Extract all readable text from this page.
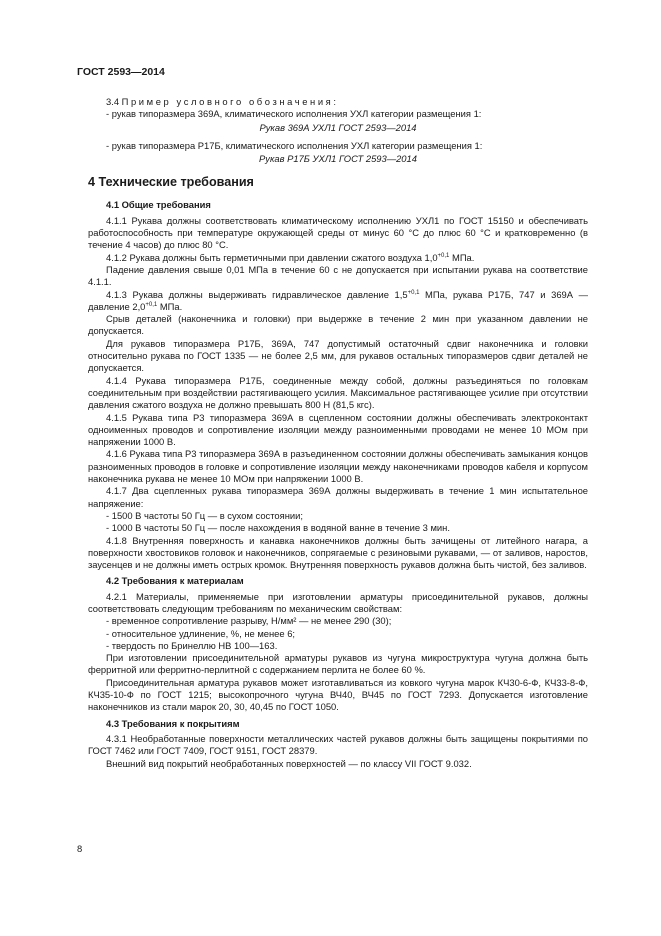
ГОСТ 2593—2014

3.4 Пример условного обозначения:

- рукав типоразмера 369А, климатического исполнения УХЛ категории размещения 1:

Рукав 369А УХЛ1 ГОСТ 2593—2014

- рукав типоразмера Р17Б, климатического исполнения УХЛ категории размещения 1:

Рукав Р17Б УХЛ1 ГОСТ 2593—2014

4 Технические требования
4.1 Общие требования

4.1.1 Рукава должны соответствовать климатическому исполнению УХЛ1 по ГОСТ 15150 и обеспечивать работоспособность при температуре окружающей среды от минус 60 °С до плюс 60 °С и кратковременно (в течение 4 часов) до плюс 80 °С.

4.1.2 Рукава должны быть герметичными при давлении сжатого воздуха $1,0^{+0,1}$ МПа.

Падение давления свыше 0,01 МПа в течение 60 с не допускается при испытании рукава на соответствие 4.1.1.

4.1.3 Рукава должны выдерживать гидравлическое давление $1,5^{+0,1}$ МПа, рукава Р17Б, 747 и 369А — давление $2,0^{+0,1}$ МПа.

Срыв деталей (наконечника и головки) при выдержке в течение 2 мин при указанном давлении не допускается.

Для рукавов типоразмера Р17Б, 369А, 747 допустимый остаточный сдвиг наконечника и головки относительно рукава по ГОСТ 1335 — не более 2,5 мм, для рукавов остальных типоразмеров сдвиг деталей не допускается.

4.1.4 Рукава типоразмера Р17Б, соединенные между собой, должны разъединяться по головкам соединительным при воздействии растягивающего усилия. Максимальное растягивающее усилие при отсутствии давления сжатого воздуха не должно превышать 800 Н (81,5 кгс).

4.1.5 Рукава типа Р3 типоразмера 369А в сцепленном состоянии должны обеспечивать электроконтакт одноименных проводов и сопротивление изоляции между разноименными проводами не менее 10 МОм при напряжении 1000 В.

4.1.6 Рукава типа Р3 типоразмера 369А в разъединенном состоянии должны обеспечивать замыкания концов разноименных проводов в головке и сопротивление изоляции между наконечниками проводов кабеля и корпусом наконечника рукава не менее 10 МОм при напряжении 1000 В.

4.1.7 Два сцепленных рукава типоразмера 369А должны выдерживать в течение 1 мин испытательное напряжение:

- 1500 В частоты 50 Гц — в сухом состоянии;

- 1000 В частоты 50 Гц — после нахождения в водяной ванне в течение 3 мин.

4.1.8 Внутренняя поверхность и канавка наконечников должны быть зачищены от литейного нагара, а поверхности хвостовиков головок и наконечников, сопрягаемые с резиновыми рукавами, — от заливов, наростов, заусенцев и не должны иметь острых кромок. Внутренняя поверхность рукавов должна быть чистой, без заливов.

4.2 Требования к материалам

4.2.1 Материалы, применяемые при изготовлении арматуры присоединительной рукавов, должны соответствовать следующим требованиям по механическим свойствам:

- временное сопротивление разрыву, Н/мм² — не менее 290 (30);

- относительное удлинение, %, не менее 6;

- твердость по Бринеллю НВ 100—163.

При изготовлении присоединительной арматуры рукавов из чугуна микроструктура чугуна должна быть ферритной или ферритно-перлитной с содержанием перлита не более 60 %.

Присоединительная арматура рукавов может изготавливаться из ковкого чугуна марок КЧ30-6-Ф, КЧ33-8-Ф, КЧ35-10-Ф по ГОСТ 1215; высокопрочного чугуна ВЧ40, ВЧ45 по ГОСТ 7293. Допускается изготовление наконечников из стали марок 20, 30, 40,45 по ГОСТ 1050.

4.3 Требования к покрытиям

4.3.1 Необработанные поверхности металлических частей рукавов должны быть защищены покрытиями по ГОСТ 7462 или ГОСТ 7409, ГОСТ 9151, ГОСТ 28379.

Внешний вид покрытий необработанных поверхностей — по классу VII ГОСТ 9.032.

8
